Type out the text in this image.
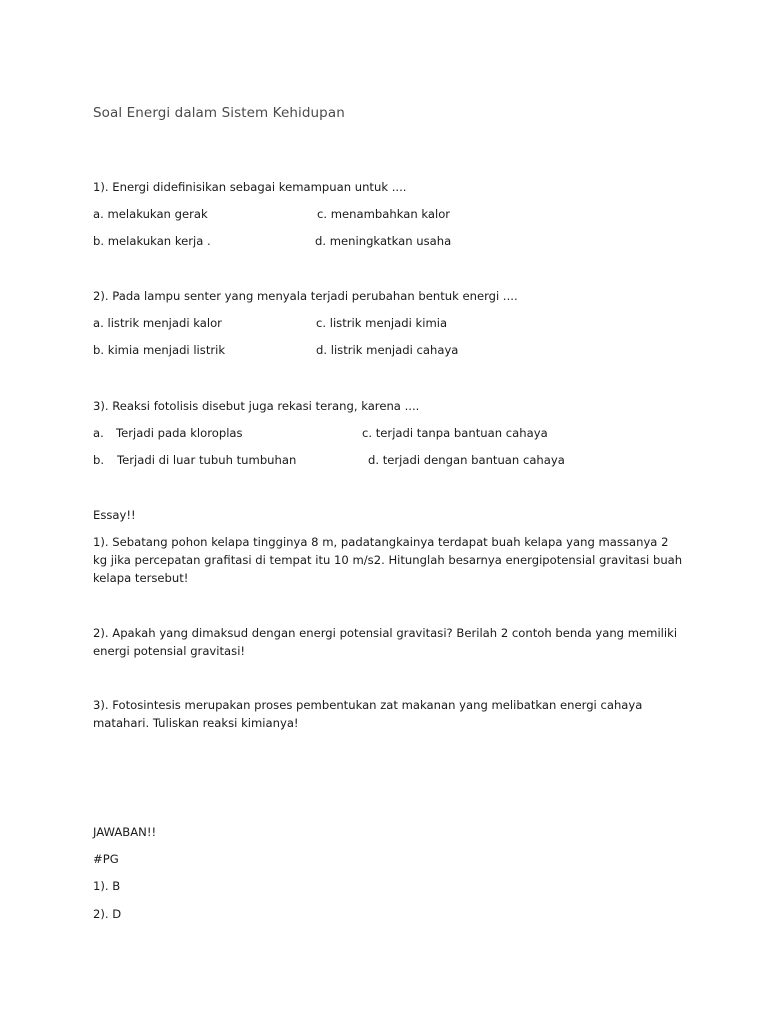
Soal Energi dalam Sistem Kehidupan
1). Energi didefinisikan sebagai kemampuan untuk ....
a. melakukan gerak	c. menambahkan kalor
b. melakukan kerja .	d. meningkatkan usaha
2). Pada lampu senter yang menyala terjadi perubahan bentuk energi ....
a. listrik menjadi kalor	c. listrik menjadi kimia
b. kimia menjadi listrik	d. listrik menjadi cahaya
3). Reaksi fotolisis disebut juga rekasi terang, karena ....
a. Terjadi pada kloroplas	c. terjadi tanpa bantuan cahaya
b. Terjadi di luar tubuh tumbuhan	d. terjadi dengan bantuan cahaya
Essay!!
1). Sebatang pohon kelapa tingginya 8 m, padatangkainya terdapat buah kelapa yang massanya 2 kg jika percepatan grafitasi di tempat itu 10 m/s2. Hitunglah besarnya energipotensial gravitasi buah kelapa tersebut!
2). Apakah yang dimaksud dengan energi potensial gravitasi? Berilah 2 contoh benda yang memiliki energi potensial gravitasi!
3). Fotosintesis merupakan proses pembentukan zat makanan yang melibatkan energi cahaya matahari. Tuliskan reaksi kimianya!
JAWABAN!!
#PG
1). B
2). D
